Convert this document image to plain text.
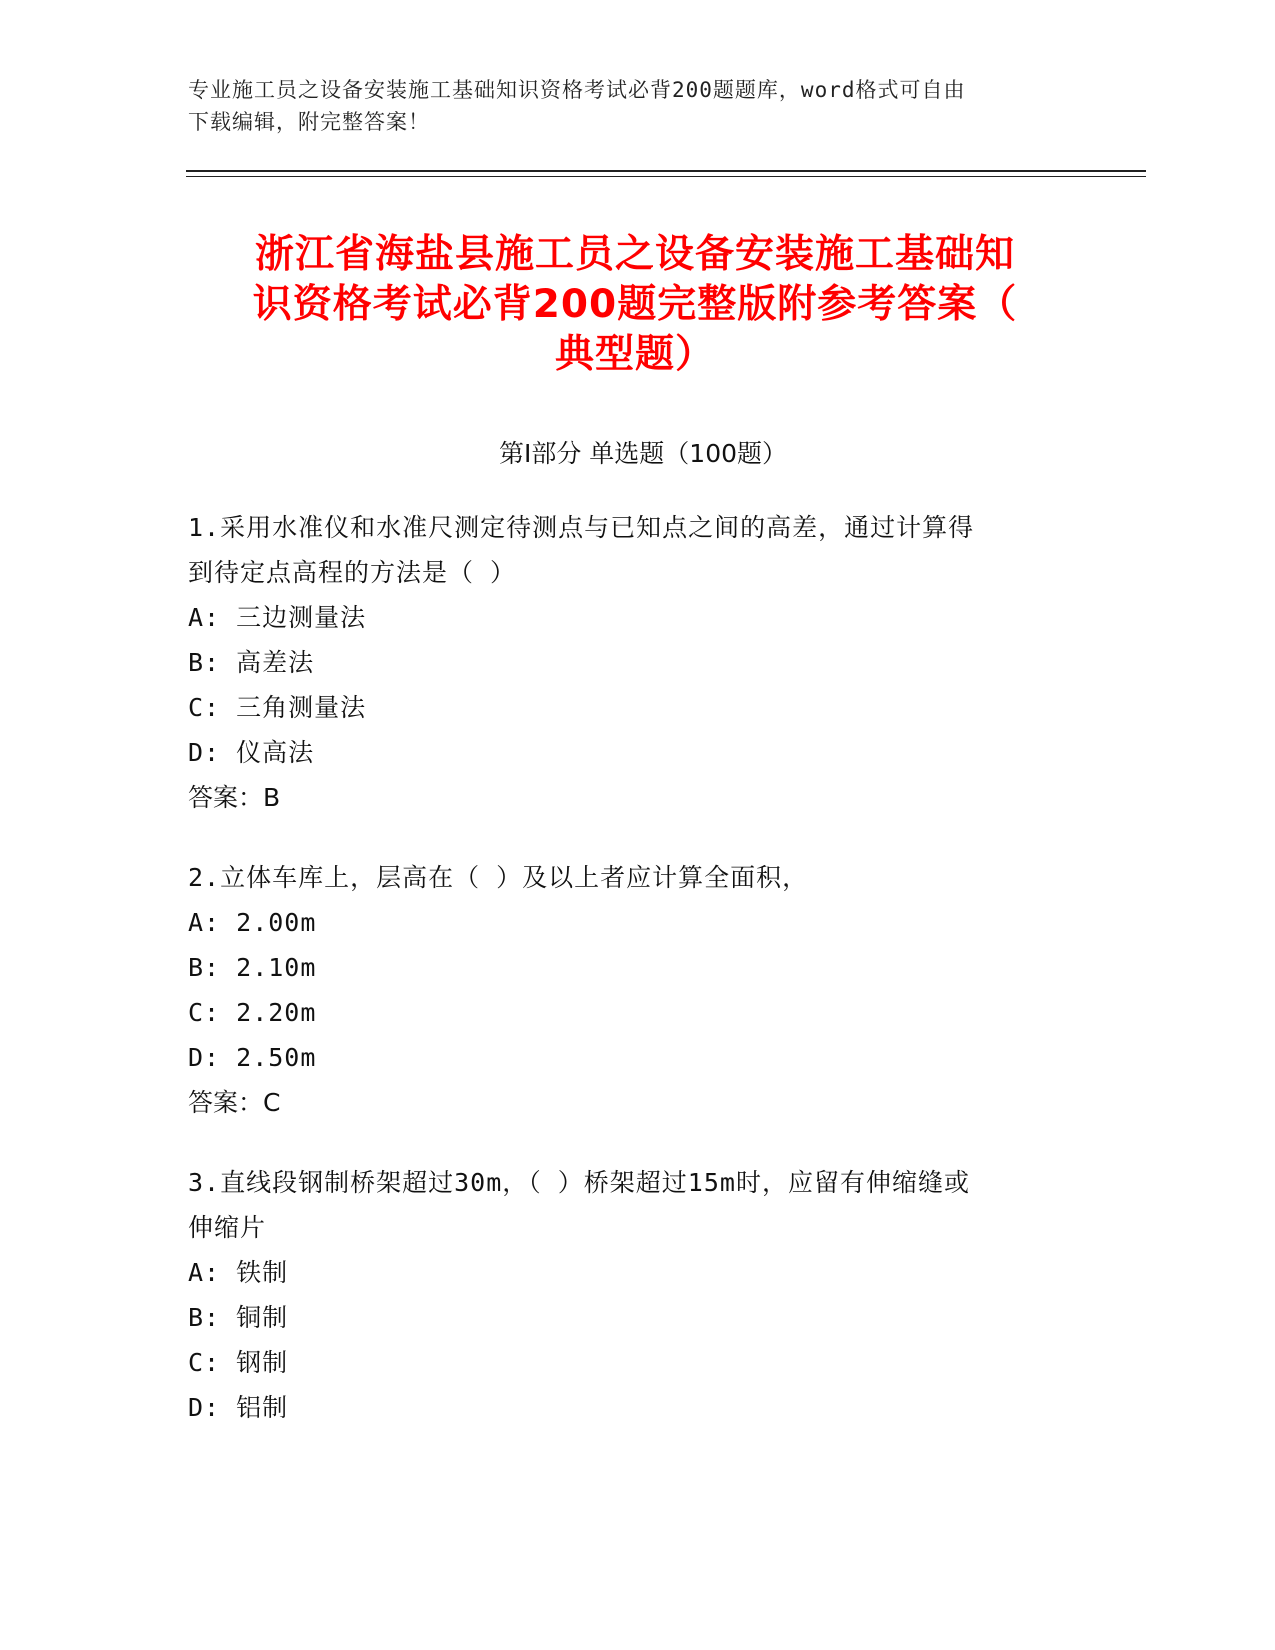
专业施工员之设备安装施工基础知识资格考试必背200题题库，word格式可自由
下载编辑，附完整答案！
浙江省海盐县施工员之设备安装施工基础知
识资格考试必背200题完整版附参考答案（
典型题）
第Ⅰ部分 单选题（100题）

1.采用水准仪和水准尺测定待测点与已知点之间的高差，通过计算得

到待定点高程的方法是（ ）

A: 三边测量法

B: 高差法

C: 三角测量法

D: 仪高法

答案：B

2.立体车库上，层高在（ ）及以上者应计算全面积，

A: 2.00m

B: 2.10m

C: 2.20m

D: 2.50m

答案：C

3.直线段钢制桥架超过30m，（ ）桥架超过15m时，应留有伸缩缝或

伸缩片

A: 铁制

B: 铜制

C: 钢制

D: 铝制
